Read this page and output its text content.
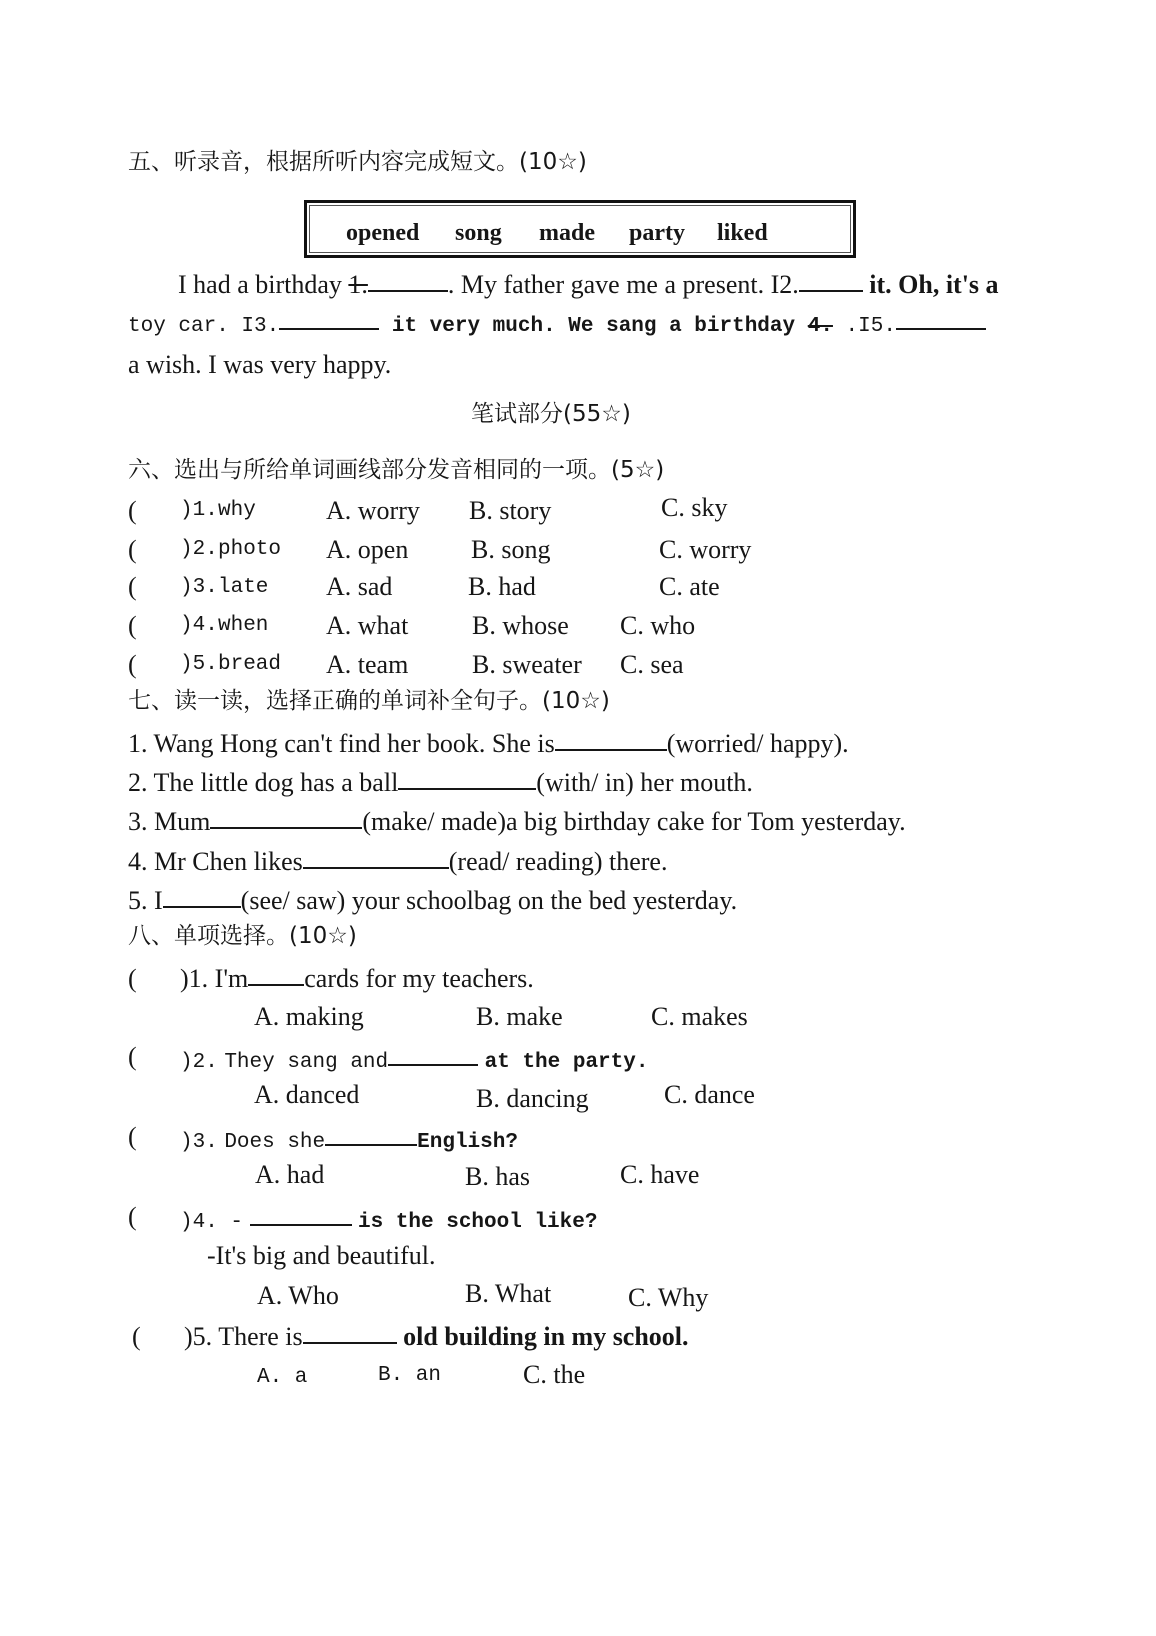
五、听录音，根据所听内容完成短文。(10☆)
opened song made party liked
I had a birthday 1.	. My father gave me a present. I2. it. Oh, it's a
toy car. I3.	it very much. We sang a birthday 4. .I5.
a wish. I was very happy.
笔试部分(55☆)
六、选出与所给单词画线部分发音相同的一项。(5☆)
( )1. why	A. worry B. story	C. sky
( )2. photo A. open B. song	C. worry
( )3. late A. sad	B. had	C. ate
( )4. when A. what B. whose C. who
( )5. bread A. team B. sweater C. sea
七、读一读，选择正确的单词补全句子。(10☆)
1. Wang Hong can't find her book. She is	(worried/ happy).
2. The little dog has a ball	(with/ in) her mouth.
3. Mum	(make/ made)a big birthday cake for Tom yesterday.
4. Mr Chen likes	(read/ reading) there.
5. I	(see/ saw) your schoolbag on the bed yesterday.
八、单项选择。(10☆)
( )1. I'm cards for my teachers.
A. making	B. make	C. makes
( )2. They sang and	at the party.
A. danced	B. dancing	C. dance
( )3. Does she	English?
A. had	B. has	C. have
( )4. -	is the school like?
-It's big and beautiful.
A. Who	B. What	C. Why
( )5. There is	old building in my school.
A. a	B. an	C. the
